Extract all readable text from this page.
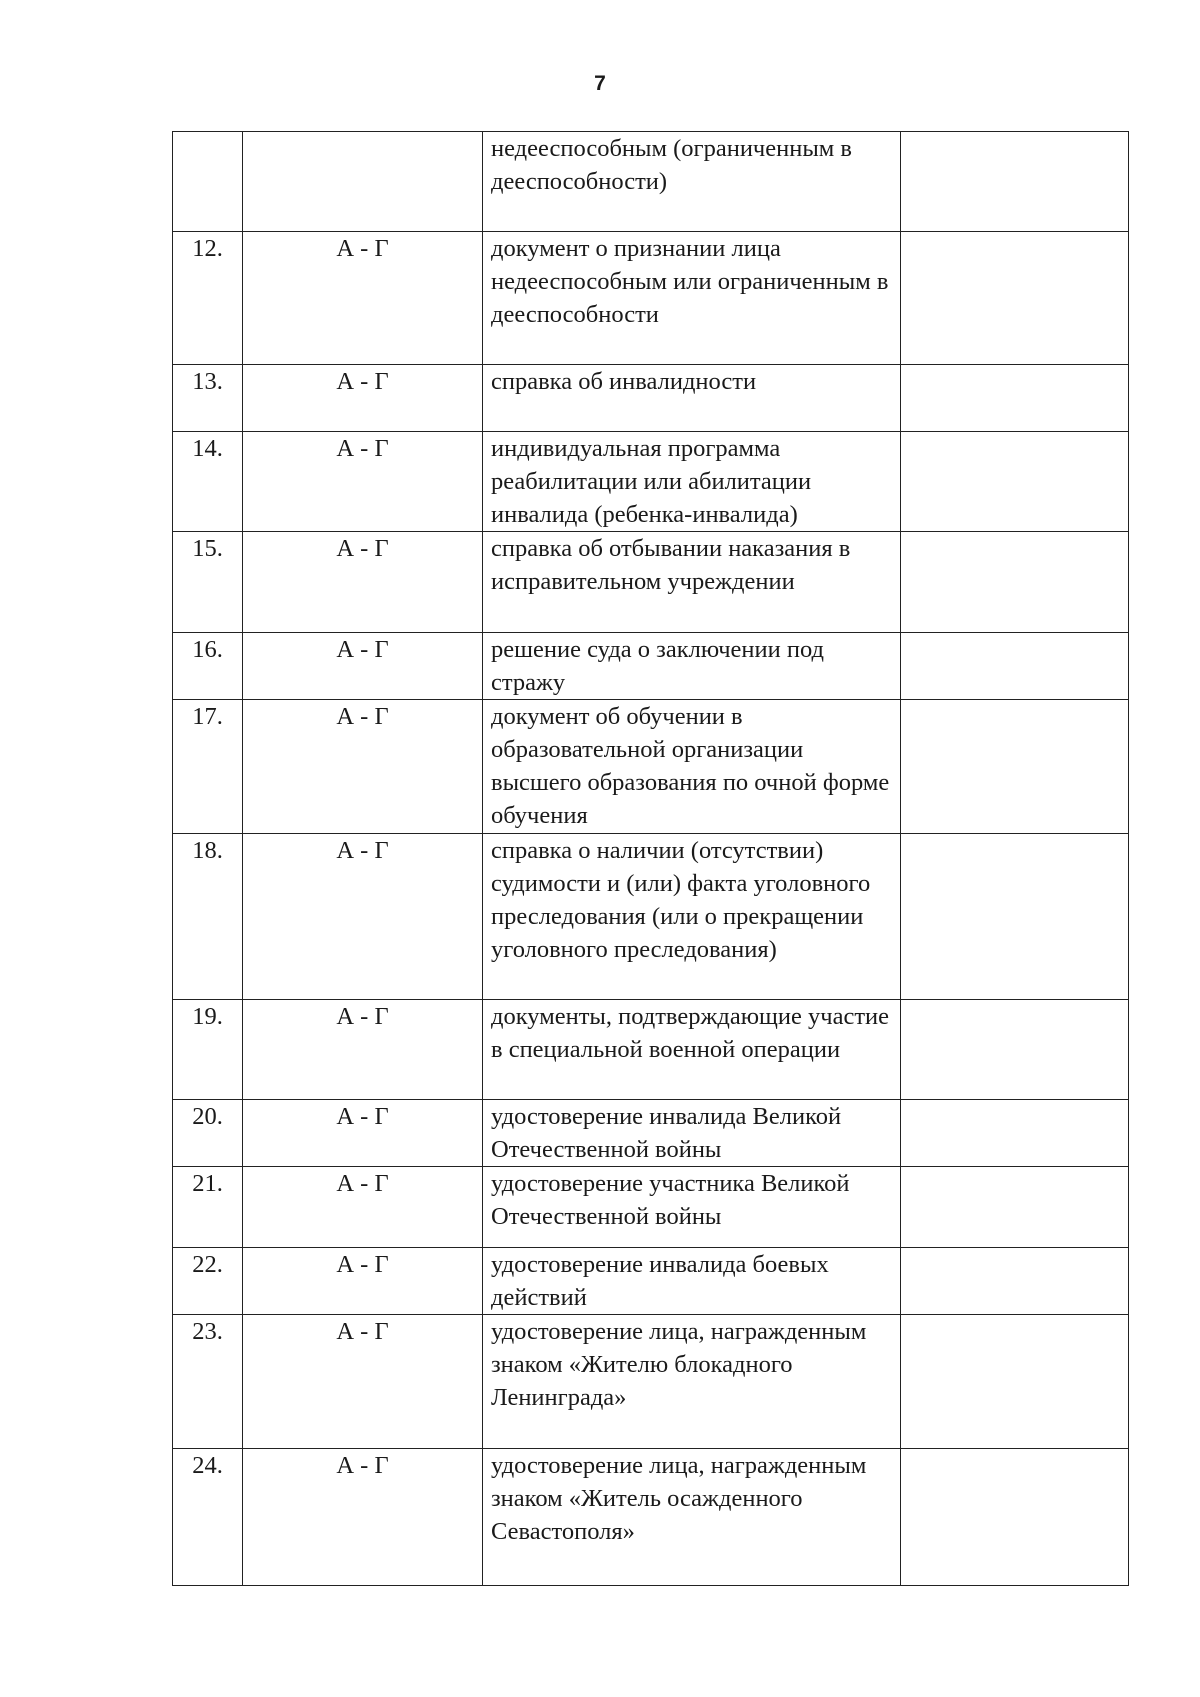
7
		недееспособным (ограниченным в дееспособности)	
12.	А - Г	документ о признании лица недееспособным или ограниченным в дееспособности	
13.	А - Г	справка об инвалидности	
14.	А - Г	индивидуальная программа реабилитации или абилитации инвалида (ребенка-инвалида)	
15.	А - Г	справка об отбывании наказания в исправительном учреждении	
16.	А - Г	решение суда о заключении под стражу	
17.	А - Г	документ об обучении в образовательной организации высшего образования по очной форме обучения	
18.	А - Г	справка о наличии (отсутствии) судимости и (или) факта уголовного преследования (или о прекращении уголовного преследования)	
19.	А - Г	документы, подтверждающие участие в специальной военной операции	
20.	А - Г	удостоверение инвалида Великой Отечественной войны	
21.	А - Г	удостоверение участника Великой Отечественной войны	
22.	А - Г	удостоверение инвалида боевых действий	
23.	А - Г	удостоверение лица, награжденным знаком «Жителю блокадного Ленинграда»	
24.	А - Г	удостоверение лица, награжденным знаком «Житель осажденного Севастополя»	
